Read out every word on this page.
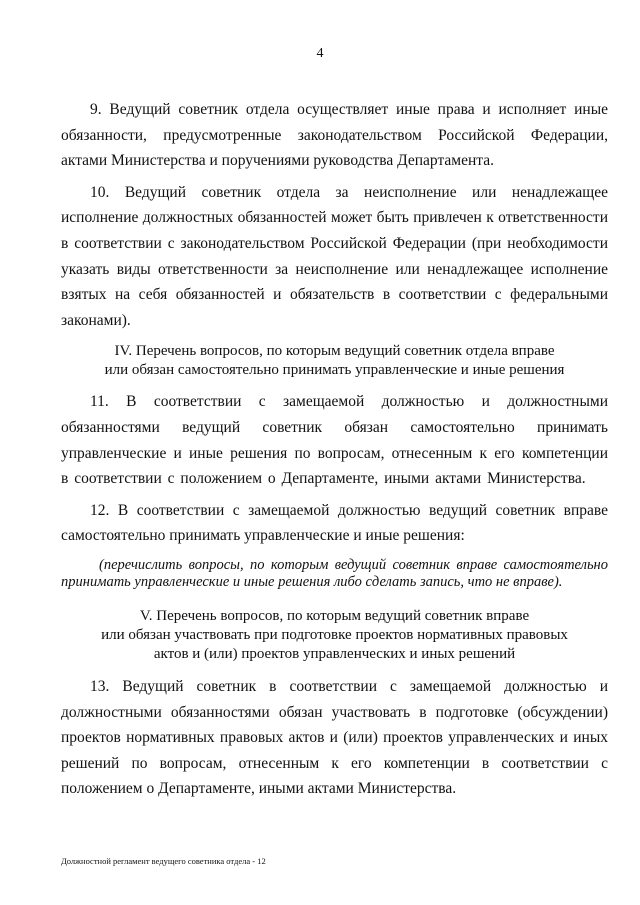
4

9. Ведущий советник отдела осуществляет иные права и исполняет иные обязанности, предусмотренные законодательством Российской Федерации, актами Министерства и поручениями руководства Департамента.

10. Ведущий советник отдела за неисполнение или ненадлежащее исполнение должностных обязанностей может быть привлечен к ответственности в соответствии с законодательством Российской Федерации (при необходимости указать виды ответственности за неисполнение или ненадлежащее исполнение взятых на себя обязанностей и обязательств в соответствии с федеральными законами).

IV. Перечень вопросов, по которым ведущий советник отдела вправе
или обязан самостоятельно принимать управленческие и иные решения

11. В соответствии с замещаемой должностью и должностными обязанностями ведущий советник обязан самостоятельно принимать управленческие и иные решения по вопросам, отнесенным к его компетенции в соответствии с положением о Департаменте, иными актами Министерства.

12. В соответствии с замещаемой должностью ведущий советник вправе самостоятельно принимать управленческие и иные решения:

(перечислить вопросы, по которым ведущий советник вправе самостоятельно принимать управленческие и иные решения либо сделать запись, что не вправе).

V. Перечень вопросов, по которым ведущий советник вправе
или обязан участвовать при подготовке проектов нормативных правовых
актов и (или) проектов управленческих и иных решений

13. Ведущий советник в соответствии с замещаемой должностью и должностными обязанностями обязан участвовать в подготовке (обсуждении) проектов нормативных правовых актов и (или) проектов управленческих и иных решений по вопросам, отнесенным к его компетенции в соответствии с положением о Департаменте, иными актами Министерства.

Должностной регламент ведущего советника отдела - 12
